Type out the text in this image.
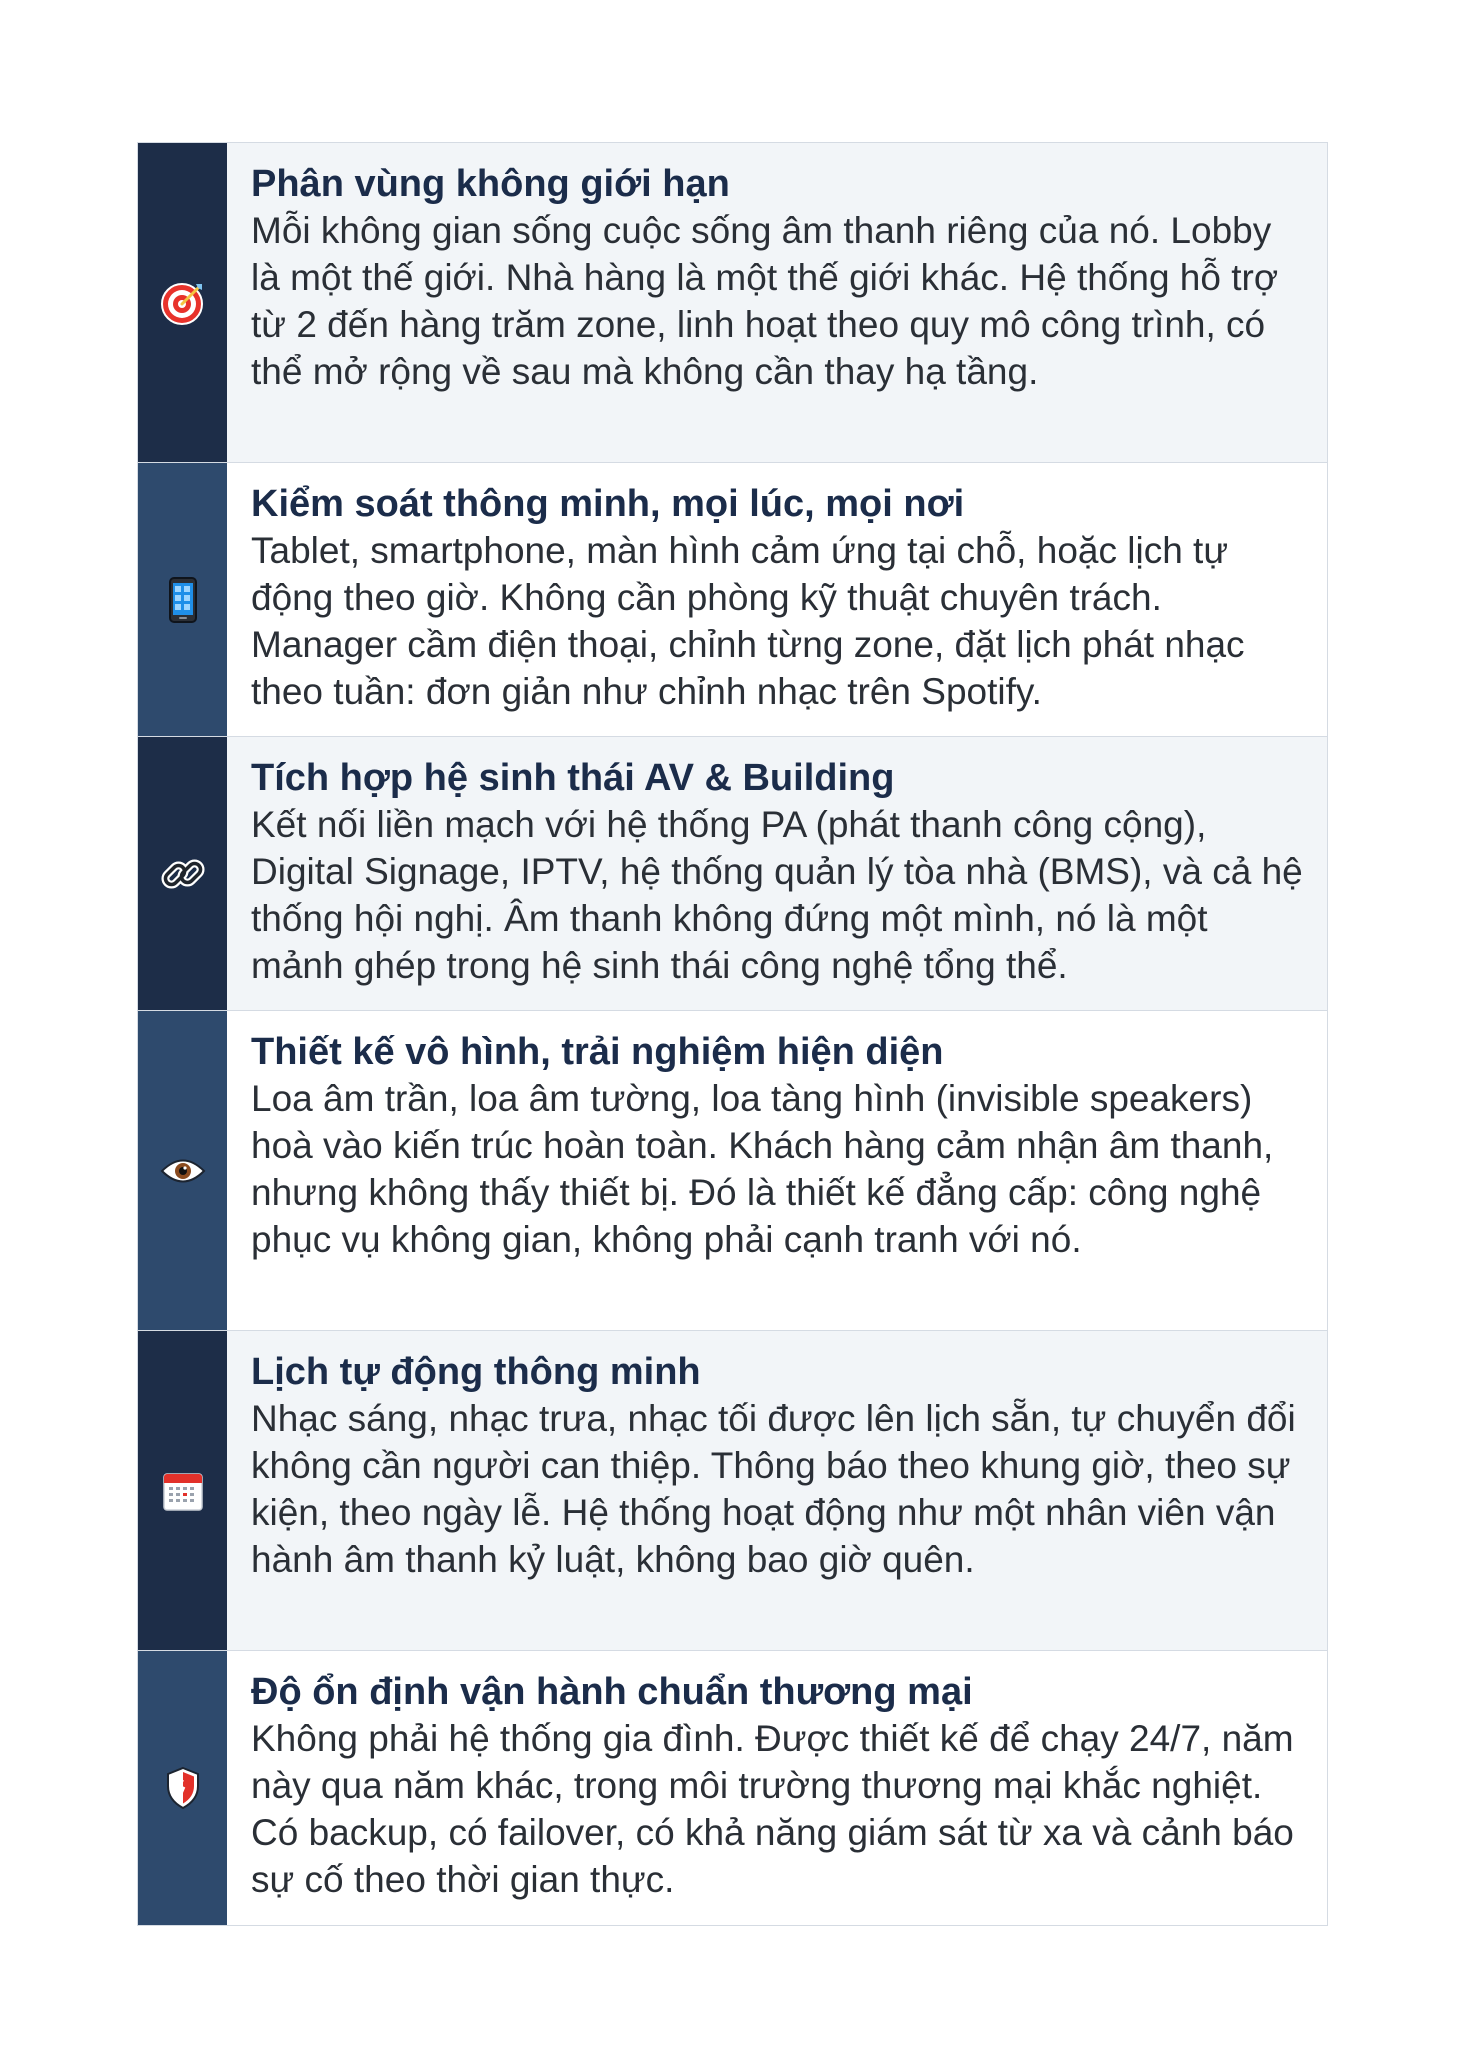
Phân vùng không giới hạn

Mỗi không gian sống cuộc sống âm thanh riêng của nó. Lobby là một thế giới. Nhà hàng là một thế giới khác. Hệ thống hỗ trợ từ 2 đến hàng trăm zone, linh hoạt theo quy mô công trình, có thể mở rộng về sau mà không cần thay hạ tầng.

Kiểm soát thông minh, mọi lúc, mọi nơi

Tablet, smartphone, màn hình cảm ứng tại chỗ, hoặc lịch tự động theo giờ. Không cần phòng kỹ thuật chuyên trách. Manager cầm điện thoại, chỉnh từng zone, đặt lịch phát nhạc theo tuần: đơn giản như chỉnh nhạc trên Spotify.

Tích hợp hệ sinh thái AV & Building

Kết nối liền mạch với hệ thống PA (phát thanh công cộng), Digital Signage, IPTV, hệ thống quản lý tòa nhà (BMS), và cả hệ thống hội nghị. Âm thanh không đứng một mình, nó là một mảnh ghép trong hệ sinh thái công nghệ tổng thể.

Thiết kế vô hình, trải nghiệm hiện diện

Loa âm trần, loa âm tường, loa tàng hình (invisible speakers) hoà vào kiến trúc hoàn toàn. Khách hàng cảm nhận âm thanh, nhưng không thấy thiết bị. Đó là thiết kế đẳng cấp: công nghệ phục vụ không gian, không phải cạnh tranh với nó.

Lịch tự động thông minh

Nhạc sáng, nhạc trưa, nhạc tối được lên lịch sẵn, tự chuyển đổi không cần người can thiệp. Thông báo theo khung giờ, theo sự kiện, theo ngày lễ. Hệ thống hoạt động như một nhân viên vận hành âm thanh kỷ luật, không bao giờ quên.

Độ ổn định vận hành chuẩn thương mại

Không phải hệ thống gia đình. Được thiết kế để chạy 24/7, năm này qua năm khác, trong môi trường thương mại khắc nghiệt. Có backup, có failover, có khả năng giám sát từ xa và cảnh báo sự cố theo thời gian thực.
